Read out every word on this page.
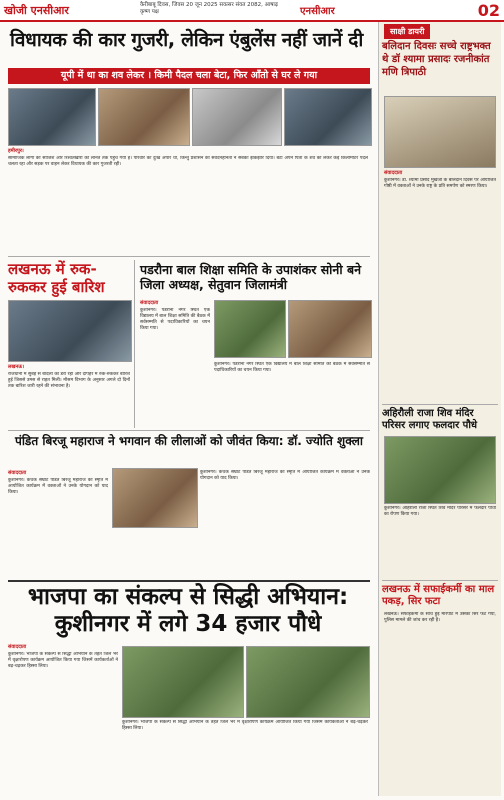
खोजी एनसीआर	कैरीबाबू दिवस, जिवस 20 जून 2025 सवत्सर संवत 2082, आषाढ़ कृष्ण पक्ष	एनसीआर	02
विधायक की कार गुजरी, लेकिन एंबुलेंस नहीं जानें दी
यूपी में था का शव लेकर । किमी पैदल चला बेटा, फिर आँतो से घर ले गया
हमीरपुर।
सामाजिक लोगों की साजिश और रिश्वतखोरी की लानत तक पहुंच गयी है। परिवार का दुःख अपार था, किन्तु प्रशासन की संवेदनहीनता ने सबको झकझोर दिया। बेटा अपने पिता के शव को लेकर कई किलोमीटर पैदल चलता रहा और सड़क पर वाहन लेकर विधायक की कार गुजरती रही।
लखनऊ में रुक-रुककर हुई बारिश
लखनऊ।
राजधानी में सुबह से बादलों का डेरा रहा और दोपहर में रुक-रुककर बारिश हुई जिससे उमस से राहत मिली। मौसम विभाग के अनुसार अगले दो दिनों तक बारिश जारी रहने की संभावना है।
पडरौना बाल शिक्षा समिति के उपाशंकर सोनी बने जिला अध्यक्ष, सेतुवान जिलामंत्री
संवाददाता
कुशीनगर। पडरौना नगर स्थित एक विद्यालय में बाल शिक्षा समिति की बैठक में सर्वसम्मति से पदाधिकारियों का चयन किया गया।
कुशीनगर। पडरौना नगर स्थित एक विद्यालय में बाल शिक्षा समिति की बैठक में सर्वसम्मति से पदाधिकारियों का चयन किया गया।
पंडित बिरजू महाराज ने भगवान की लीलाओं को जीवंत किया: डॉ. ज्योति शुक्ला
संवाददाता
कुशीनगर। कथक सम्राट पंडित बिरजू महाराज की स्मृति में आयोजित कार्यक्रम में वक्ताओं ने उनके योगदान को याद किया।
कुशीनगर। कथक सम्राट पंडित बिरजू महाराज की स्मृति में आयोजित कार्यक्रम में वक्ताओं ने उनके योगदान को याद किया।
भाजपा का संकल्प से सिद्धी अभियान: कुशीनगर में लगे 34 हजार पौधे
संवाददाता
कुशीनगर। भाजपा के संकल्प से सिद्धी अभियान के तहत जिले भर में वृक्षारोपण कार्यक्रम आयोजित किया गया जिसमें कार्यकर्ताओं ने बढ़-चढ़कर हिस्सा लिया।
कुशीनगर। भाजपा के संकल्प से सिद्धी अभियान के तहत जिले भर में वृक्षारोपण कार्यक्रम आयोजित किया गया जिसमें कार्यकर्ताओं ने बढ़-चढ़कर हिस्सा लिया।
साक्षी डायरी
बलिदान दिवसः सच्चे राष्ट्रभक्त थे डॉ श्यामा प्रसादः रजनीकांत मणि त्रिपाठी
संवाददाता
कुशीनगर। डॉ. श्यामा प्रसाद मुखर्जी के बलिदान दिवस पर आयोजित गोष्ठी में वक्ताओं ने उनके राष्ट्र के प्रति समर्पण को स्मरण किया।
अहिरौली राजा शिव मंदिर परिसर लगाए फलदार पौधे
कुशीनगर। अहिरौली राजा स्थित शिव मंदिर परिसर में फलदार पौधों का रोपण किया गया।
लखनऊ में सफाईकर्मी का माल पकड़, सिर फटा
लखनऊ। सफाईकर्मी के साथ हुई मारपीट में उसका सिर फट गया, पुलिस मामले की जांच कर रही है।
